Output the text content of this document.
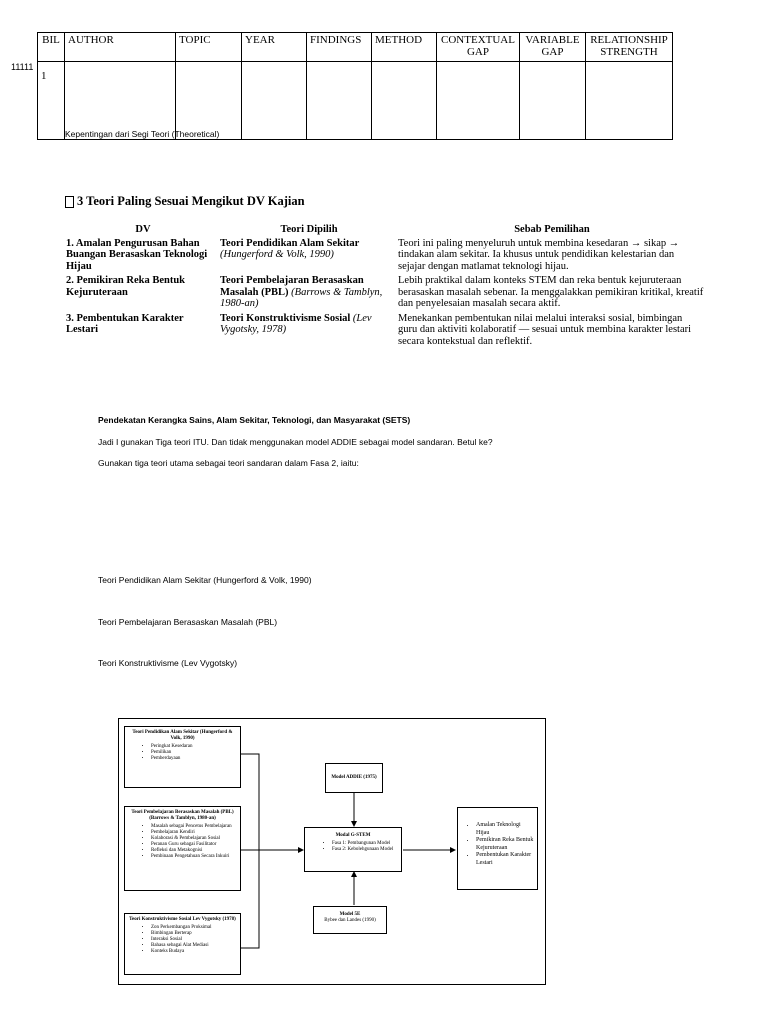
11111
BIL	AUTHOR	TOPIC	YEAR	FINDINGS	METHOD	CONTEXTUAL GAP	VARIABLE GAP	RELATIONSHIP STRENGTH
1								
Kepentingan dari Segi Teori (Theoretical)
3 Teori Paling Sesuai Mengikut DV Kajian
DV	Teori Dipilih	Sebab Pemilihan
1. Amalan Pengurusan Bahan Buangan Berasaskan Teknologi Hijau	Teori Pendidikan Alam Sekitar (Hungerford & Volk, 1990)	Teori ini paling menyeluruh untuk membina kesedaran → sikap → tindakan alam sekitar. Ia khusus untuk pendidikan kelestarian dan sejajar dengan matlamat teknologi hijau.
2. Pemikiran Reka Bentuk Kejuruteraan	Teori Pembelajaran Berasaskan Masalah (PBL) (Barrows & Tamblyn, 1980-an)	Lebih praktikal dalam konteks STEM dan reka bentuk kejuruteraan berasaskan masalah sebenar. Ia menggalakkan pemikiran kritikal, kreatif dan penyelesaian masalah secara aktif.
3. Pembentukan Karakter Lestari	Teori Konstruktivisme Sosial (Lev Vygotsky, 1978)	Menekankan pembentukan nilai melalui interaksi sosial, bimbingan guru dan aktiviti kolaboratif — sesuai untuk membina karakter lestari secara kontekstual dan reflektif.
Pendekatan Kerangka Sains, Alam Sekitar, Teknologi, dan Masyarakat (SETS)
Jadi I gunakan Tiga teori ITU. Dan tidak menggunakan model ADDIE sebagai model sandaran. Betul ke?
Gunakan tiga teori utama sebagai teori sandaran dalam Fasa 2, iaitu:
Teori Pendidikan Alam Sekitar (Hungerford & Volk, 1990)
Teori Pembelajaran Berasaskan Masalah (PBL)
Teori Konstruktivisme (Lev Vygotsky)
Teori Pendidikan Alam Sekitar (Hungerford & Volk, 1990)
• Peringkat Kesedaran
• Pemilikan
• Pemberdayaan
Teori Pembelajaran Berasaskan Masalah (PBL) (Barrows & Tamblyn, 1980-an)
• Masalah sebagai Pencetus Pembelajaran
• Pembelajaran Kendiri
• Kolaborasi & Pembelajaran Sosial
• Peranan Guru sebagai Fasilitator
• Refleksi dan Metakognisi
• Pembinaan Pengetahuan Secara Inkuiri
Teori Konstruktivisme Sosial Lev Vygotsky (1978)
• Zon Perkembangan Proksimal
• Bimbingan Berterap
• Interaksi Sosial
• Bahasa sebagai Alat Mediasi
• Konteks Budaya
Model ADDIE (1975)
Modal G-STEM
• Fasa 1: Pembangunan Model
• Fasa 2: Kebolehgunaan Model
Model 5E
Bybee dan Landes (1990)
• Amalan Teknologi Hijau
• Pemikiran Reka Bentuk Kejuruteraan
• Pembentukan Karakter Lestari
